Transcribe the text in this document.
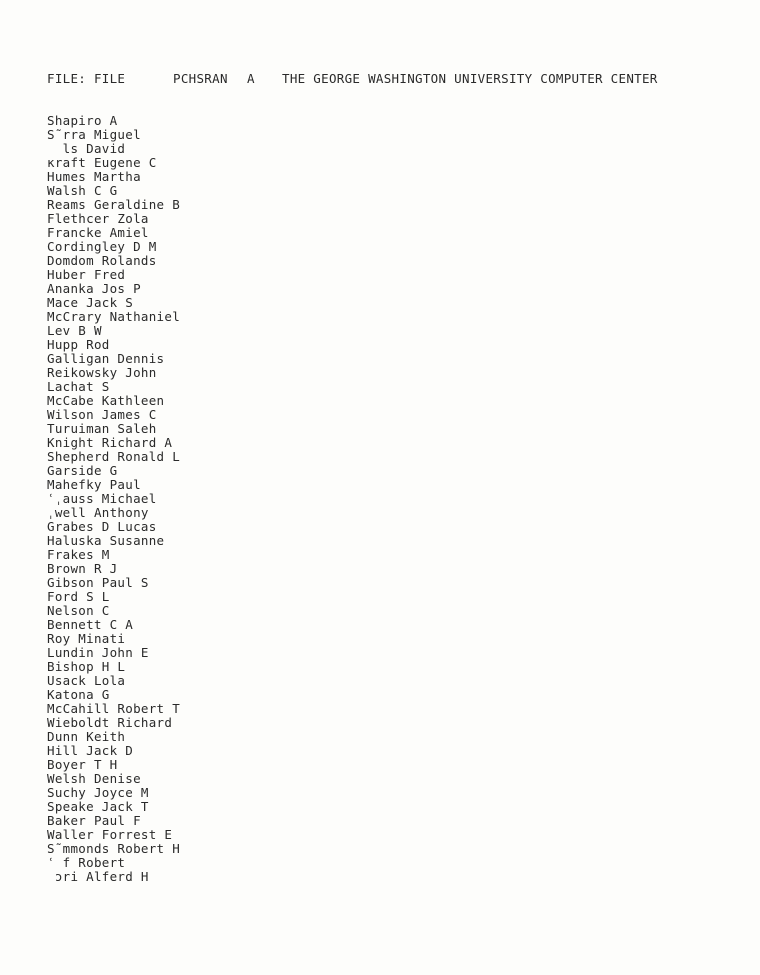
FILE: FILE

	PCHSRAN

A

THE GEORGE WASHINGTON UNIVERSITY COMPUTER CENTER

Shapiro A
S˜rra Miguel
ls David
κraft Eugene C
Humes Martha
Walsh C G
Reams Geraldine B
Flethcer Zola
Francke Amiel
Cordingley D M
Domdom Rolands
Huber Fred
Ananka Jos P
Mace Jack S
McCrary Nathaniel
Lev B W
Hupp Rod
Galligan Dennis
Reikowsky John
Lachat S
McCabe Kathleen
Wilson James C
Turuiman Saleh
Knight Richard A
Shepherd Ronald L
Garside G
Mahefky Paul
ʿˌauss Michael
ˌwell Anthony
Grabes D Lucas
Haluska Susanne
Frakes M
Brown R J
Gibson Paul S
Ford S L
Nelson C
Bennett C A
Roy Minati
Lundin John E
Bishop H L
Usack Lola
Katona G
McCahill Robert T
Wieboldt Richard
Dunn Keith
Hill Jack D
Boyer T H
Welsh Denise
Suchy Joyce M
Speake Jack T
Baker Paul F
Waller Forrest E
S˜mmonds Robert H
ʿ f Robert
ɔri Alferd H
